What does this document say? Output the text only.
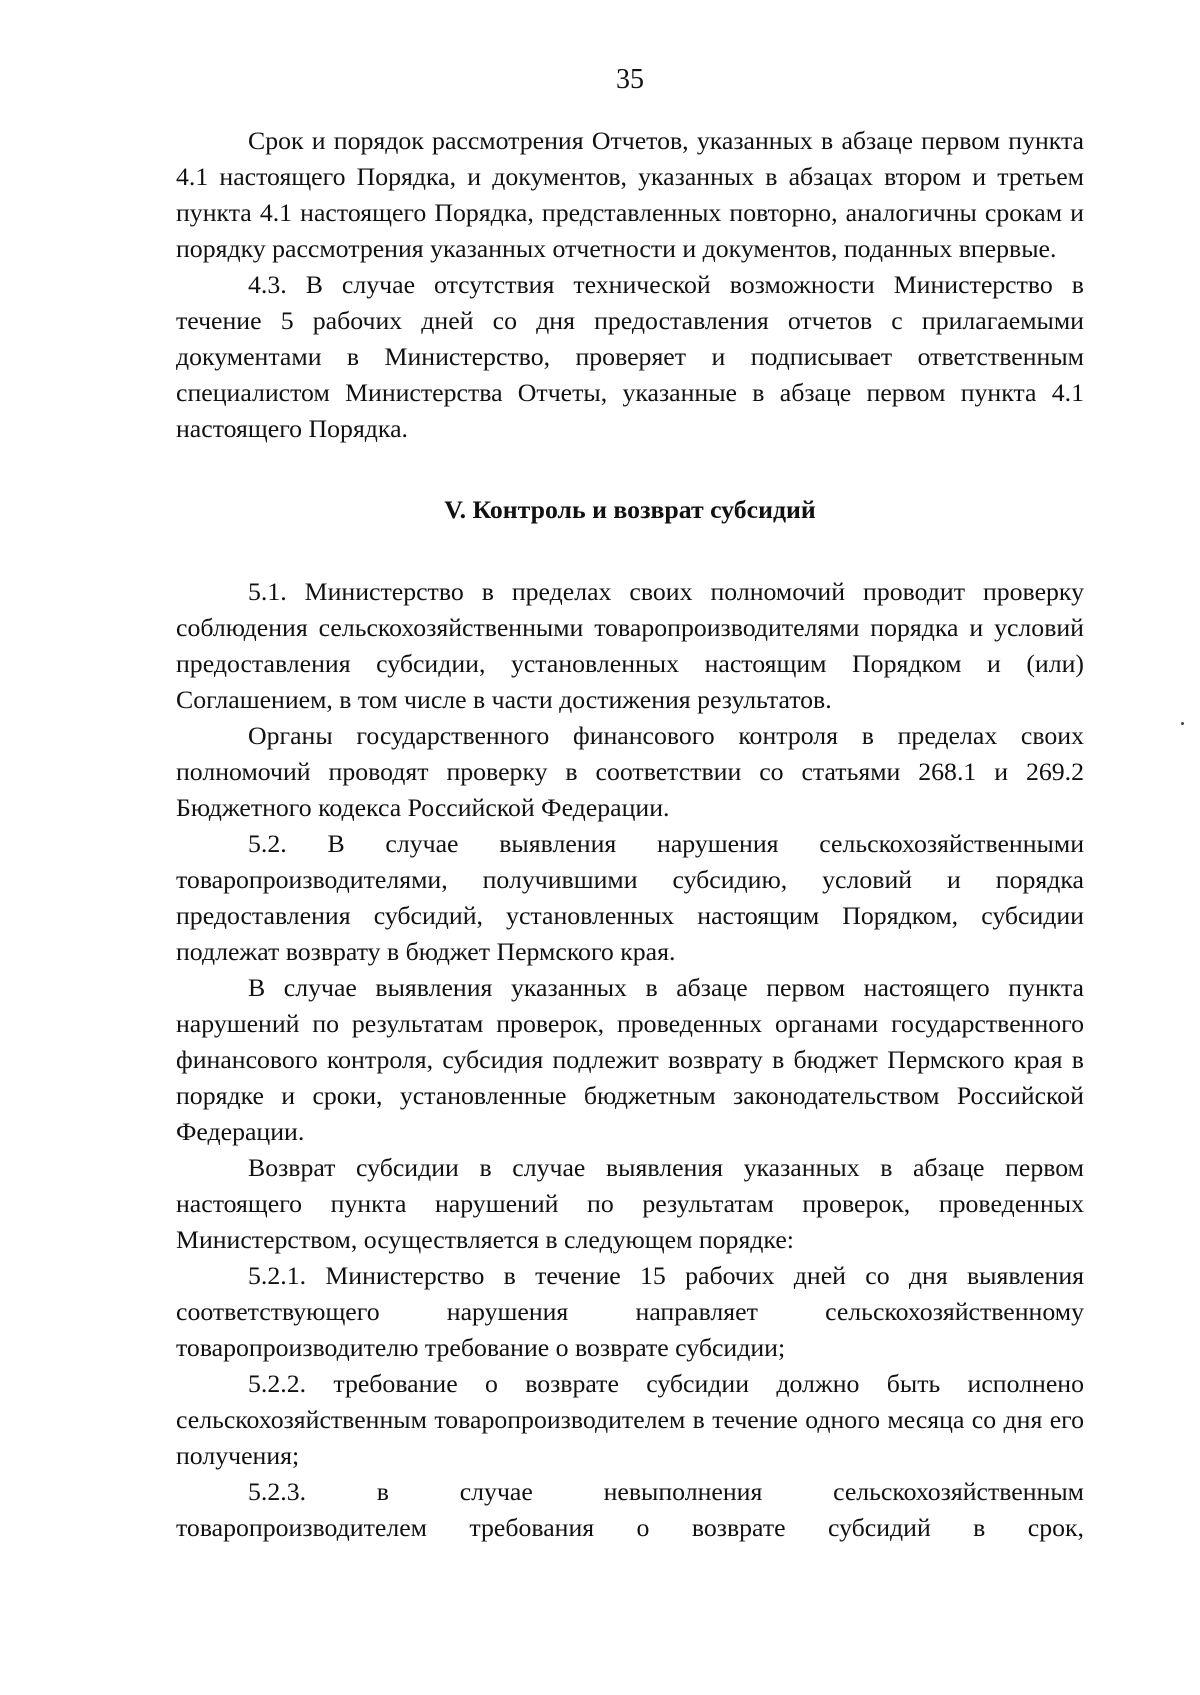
35

Срок и порядок рассмотрения Отчетов, указанных в абзаце первом пункта 4.1 настоящего Порядка, и документов, указанных в абзацах втором и третьем пункта 4.1 настоящего Порядка, представленных повторно, аналогичны срокам и порядку рассмотрения указанных отчетности и документов, поданных впервые.

4.3. В случае отсутствия технической возможности Министерство в течение 5 рабочих дней со дня предоставления отчетов с прилагаемыми документами в Министерство, проверяет и подписывает ответственным специалистом Министерства Отчеты, указанные в абзаце первом пункта 4.1 настоящего Порядка.

V. Контроль и возврат субсидий

5.1. Министерство в пределах своих полномочий проводит проверку соблюдения сельскохозяйственными товаропроизводителями порядка и условий предоставления субсидии, установленных настоящим Порядком и (или) Соглашением, в том числе в части достижения результатов.

Органы государственного финансового контроля в пределах своих полномочий проводят проверку в соответствии со статьями 268.1 и 269.2 Бюджетного кодекса Российской Федерации.

5.2. В случае выявления нарушения сельскохозяйственными товаропроизводителями, получившими субсидию, условий и порядка предоставления субсидий, установленных настоящим Порядком, субсидии подлежат возврату в бюджет Пермского края.

В случае выявления указанных в абзаце первом настоящего пункта нарушений по результатам проверок, проведенных органами государственного финансового контроля, субсидия подлежит возврату в бюджет Пермского края в порядке и сроки, установленные бюджетным законодательством Российской Федерации.

Возврат субсидии в случае выявления указанных в абзаце первом настоящего пункта нарушений по результатам проверок, проведенных Министерством, осуществляется в следующем порядке:

5.2.1. Министерство в течение 15 рабочих дней со дня выявления соответствующего нарушения направляет сельскохозяйственному товаропроизводителю требование о возврате субсидии;

5.2.2. требование о возврате субсидии должно быть исполнено сельскохозяйственным товаропроизводителем в течение одного месяца со дня его получения;

5.2.3. в случае невыполнения сельскохозяйственным товаропроизводителем требования о возврате субсидий в срок,
